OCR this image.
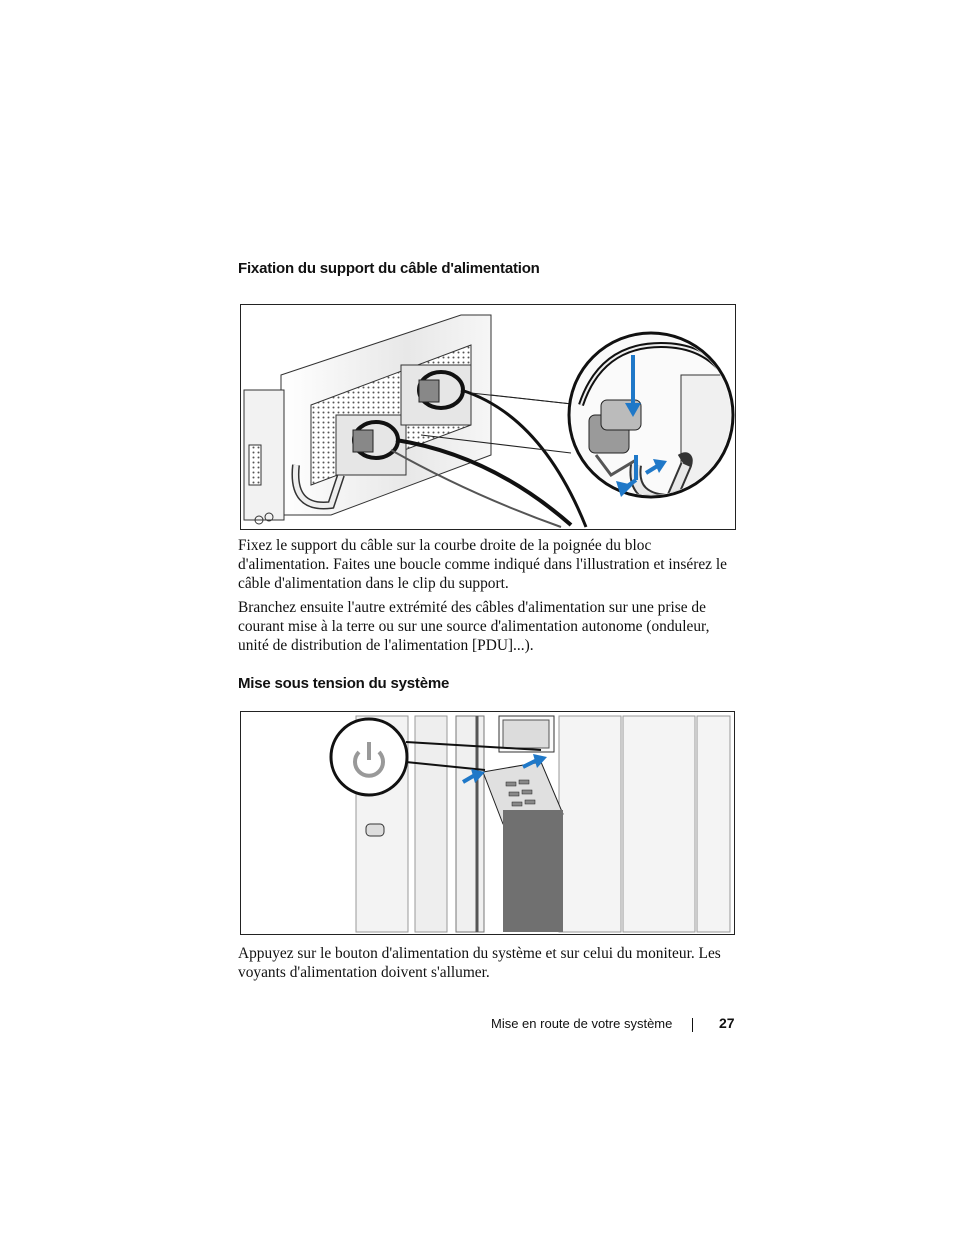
Fixation du support du câble d'alimentation

Fixez le support du câble sur la courbe droite de la poignée du bloc d'alimentation. Faites une boucle comme indiqué dans l'illustration et insérez le câble d'alimentation dans le clip du support.

Branchez ensuite l'autre extrémité des câbles d'alimentation sur une prise de courant mise à la terre ou sur une source d'alimentation autonome (onduleur, unité de distribution de l'alimentation [PDU]...).

Mise sous tension du système

Appuyez sur le bouton d'alimentation du système et sur celui du moniteur. Les voyants d'alimentation doivent s'allumer.

Mise en route de votre système	27
